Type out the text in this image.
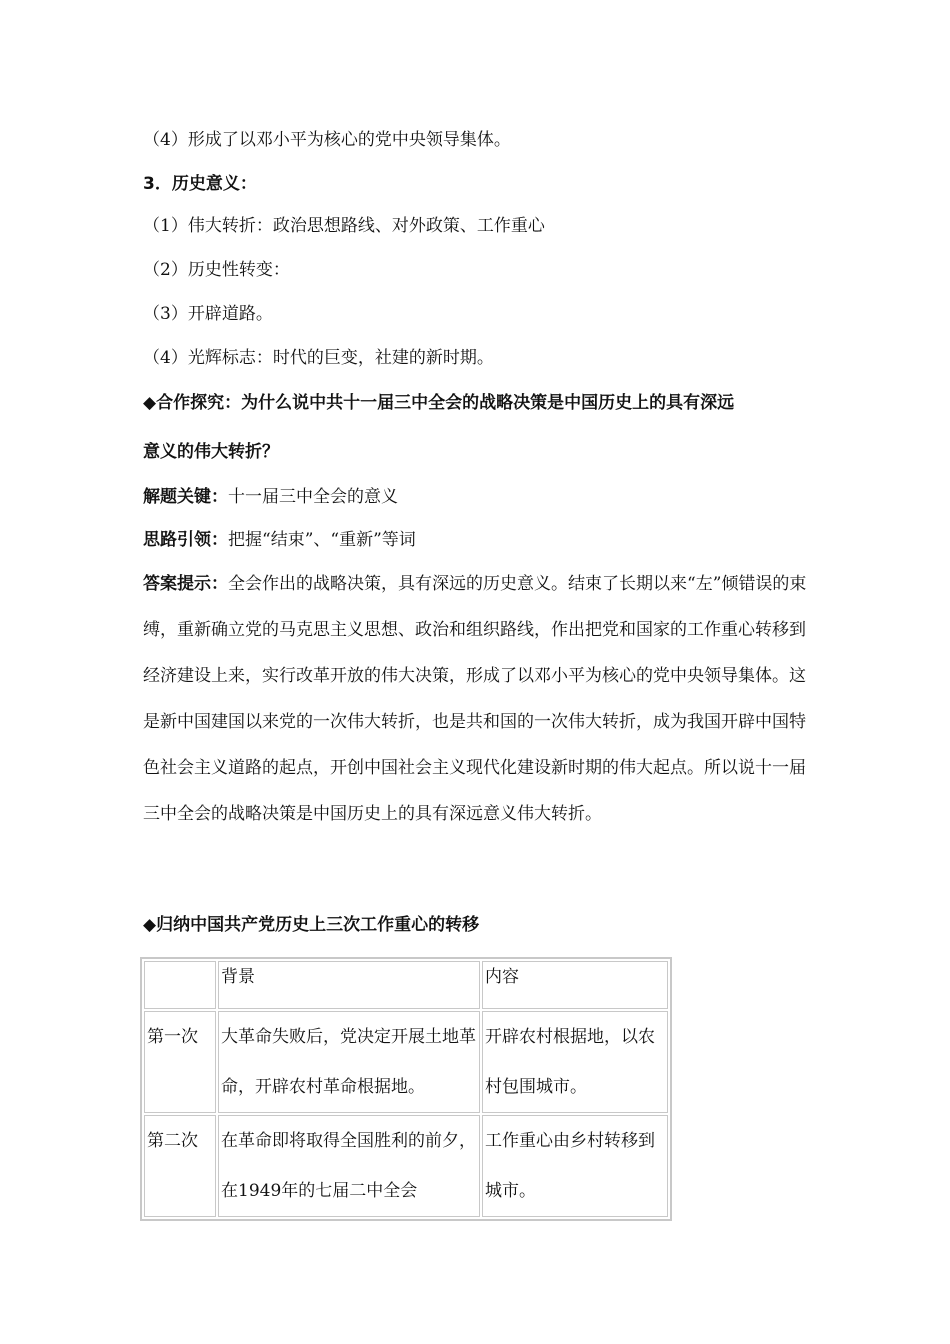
（4）形成了以邓小平为核心的党中央领导集体。
3．历史意义：
（1）伟大转折：政治思想路线、对外政策、工作重心
（2）历史性转变：
（3）开辟道路。
（4）光辉标志：时代的巨变，社建的新时期。
◆合作探究：为什么说中共十一届三中全会的战略决策是中国历史上的具有深远
意义的伟大转折？
解题关键：十一届三中全会的意义
思路引领：把握“结束”、“重新”等词
答案提示：全会作出的战略决策，具有深远的历史意义。结束了长期以来“左”倾错误的束缚，重新确立党的马克思主义思想、政治和组织路线，作出把党和国家的工作重心转移到经济建设上来，实行改革开放的伟大决策，形成了以邓小平为核心的党中央领导集体。这是新中国建国以来党的一次伟大转折，也是共和国的一次伟大转折，成为我国开辟中国特色社会主义道路的起点，开创中国社会主义现代化建设新时期的伟大起点。所以说十一届三中全会的战略决策是中国历史上的具有深远意义伟大转折。
◆归纳中国共产党历史上三次工作重心的转移
	背景	内容
第一次	大革命失败后，党决定开展土地革命，开辟农村革命根据地。	开辟农村根据地，以农村包围城市。
第二次	在革命即将取得全国胜利的前夕，在1949年的七届二中全会	工作重心由乡村转移到城市。
